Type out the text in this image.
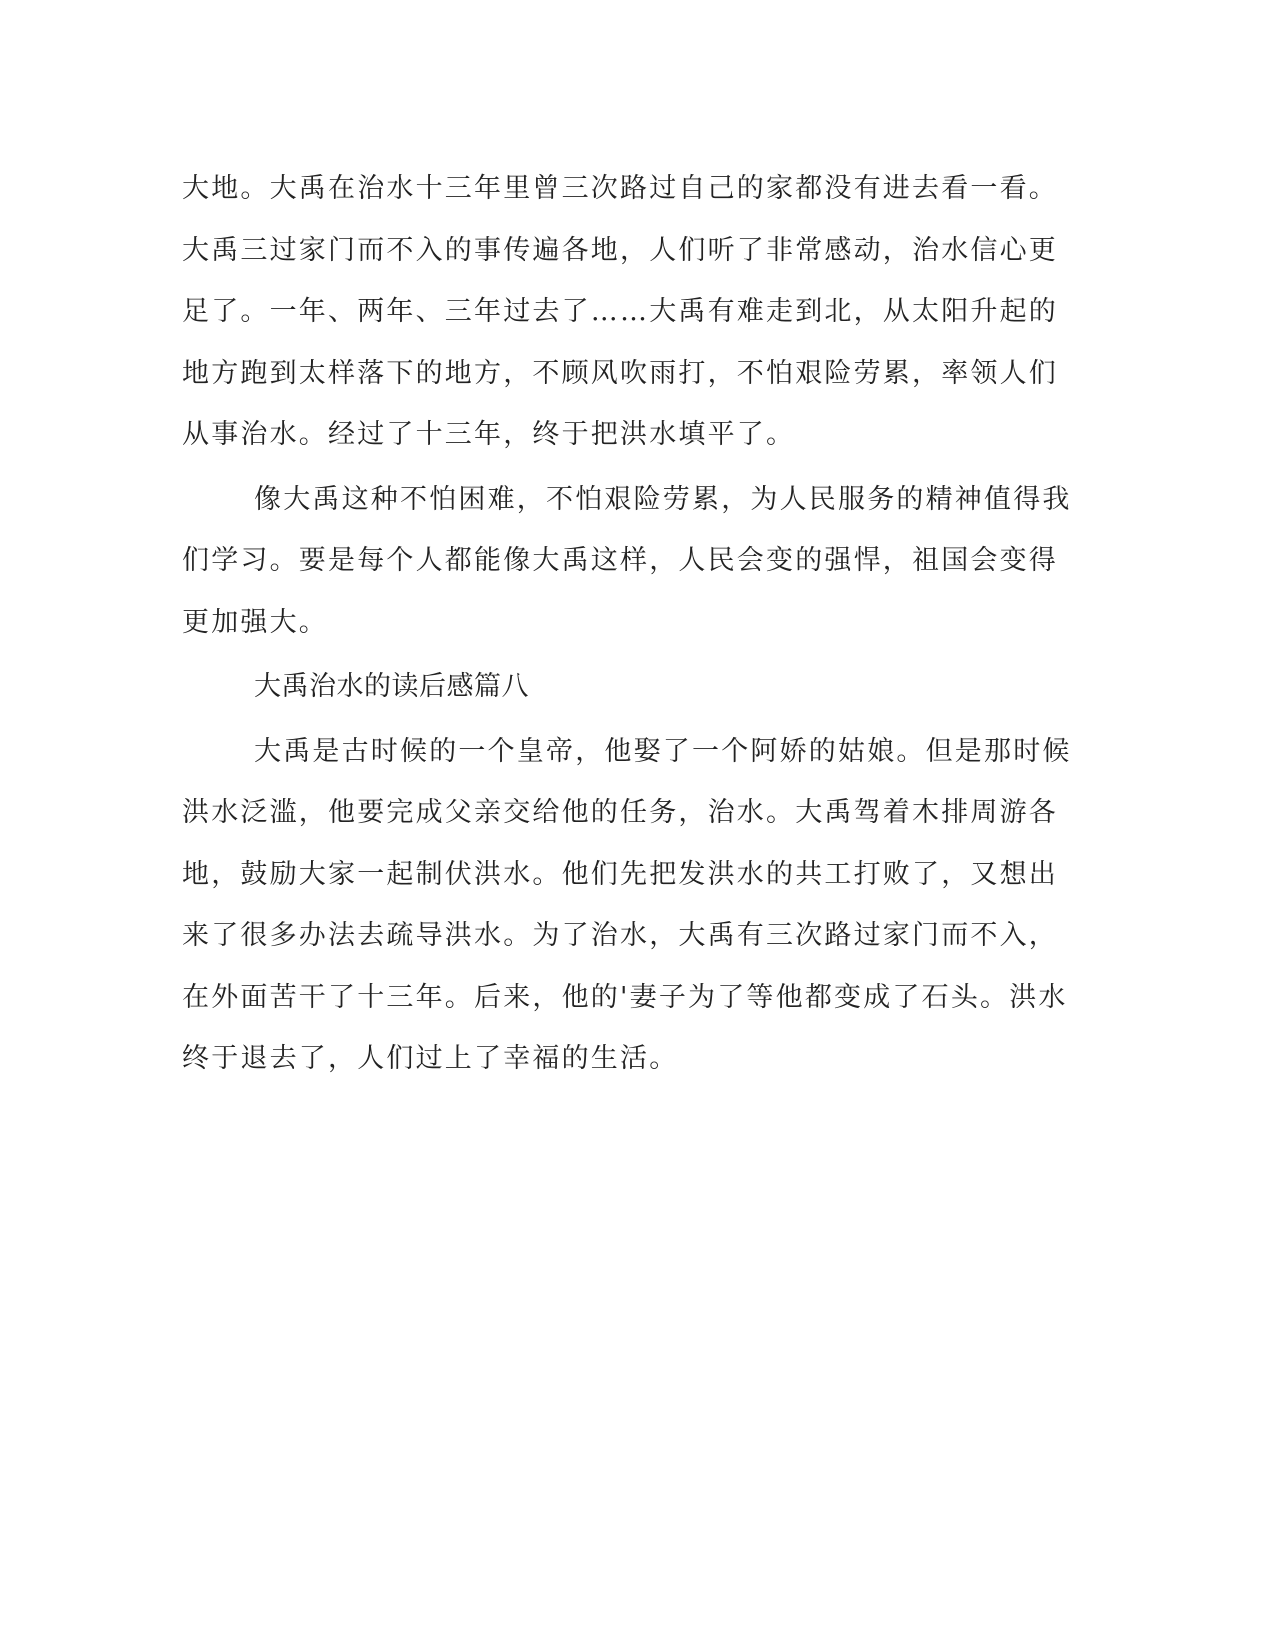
大地。大禹在治水十三年里曾三次路过自己的家都没有进去看一看。
大禹三过家门而不入的事传遍各地，人们听了非常感动，治水信心更
足了。一年、两年、三年过去了……大禹有难走到北，从太阳升起的
地方跑到太样落下的地方，不顾风吹雨打，不怕艰险劳累，率领人们
从事治水。经过了十三年，终于把洪水填平了。
像大禹这种不怕困难，不怕艰险劳累，为人民服务的精神值得我
们学习。要是每个人都能像大禹这样，人民会变的强悍，祖国会变得
更加强大。
大禹治水的读后感篇八
大禹是古时候的一个皇帝，他娶了一个阿娇的姑娘。但是那时候
洪水泛滥，他要完成父亲交给他的任务，治水。大禹驾着木排周游各
地，鼓励大家一起制伏洪水。他们先把发洪水的共工打败了，又想出
来了很多办法去疏导洪水。为了治水，大禹有三次路过家门而不入，
在外面苦干了十三年。后来，他的'妻子为了等他都变成了石头。洪水
终于退去了，人们过上了幸福的生活。
